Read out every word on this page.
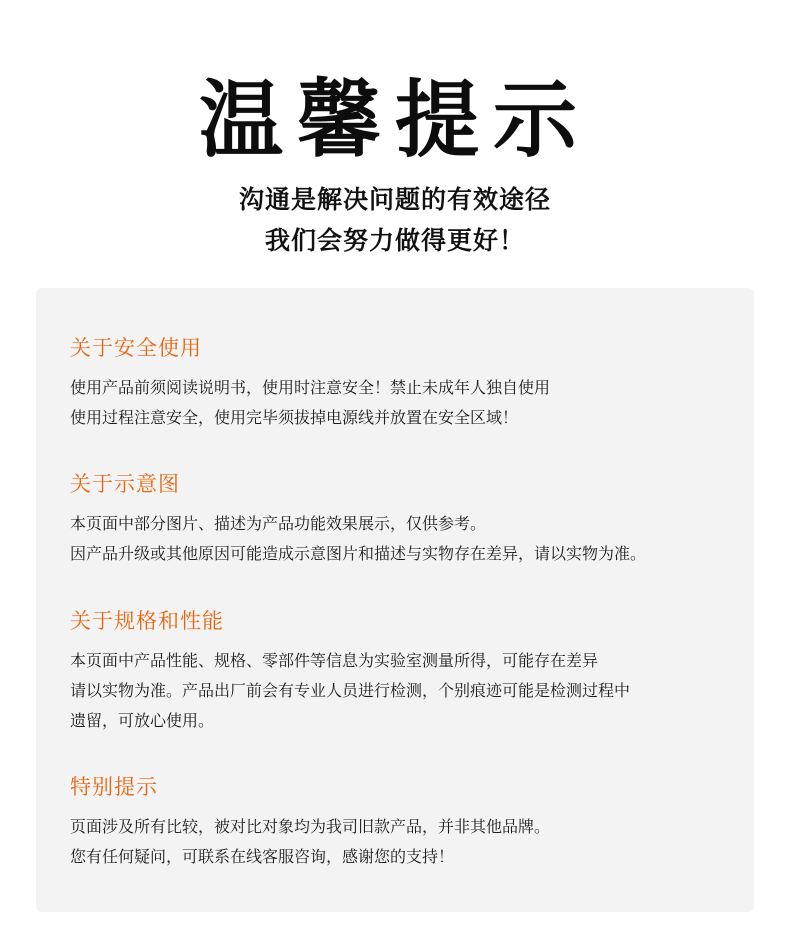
温馨提示
沟通是解决问题的有效途径
我们会努力做得更好！
关于安全使用
使用产品前须阅读说明书，使用时注意安全！禁止未成年人独自使用
使用过程注意安全，使用完毕须拔掉电源线并放置在安全区域！
关于示意图
本页面中部分图片、描述为产品功能效果展示，仅供参考。
因产品升级或其他原因可能造成示意图片和描述与实物存在差异，请以实物为准。
关于规格和性能
本页面中产品性能、规格、零部件等信息为实验室测量所得，可能存在差异
请以实物为准。产品出厂前会有专业人员进行检测，个别痕迹可能是检测过程中
遗留，可放心使用。
特别提示
页面涉及所有比较，被对比对象均为我司旧款产品，并非其他品牌。
您有任何疑问，可联系在线客服咨询，感谢您的支持！
